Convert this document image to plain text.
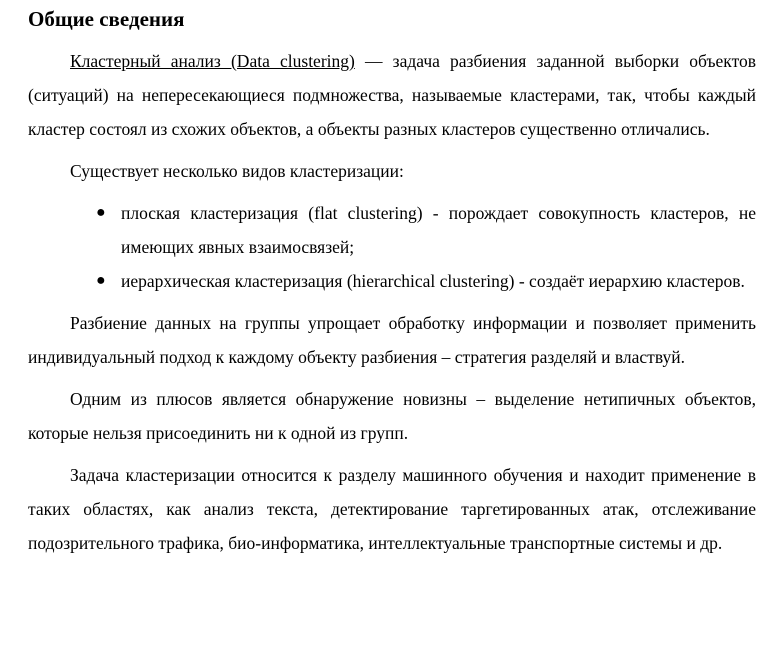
Общие сведения

Кластерный анализ (Data clustering) — задача разбиения заданной выборки объектов (ситуаций) на непересекающиеся подмножества, называемые кластерами, так, чтобы каждый кластер состоял из схожих объектов, а объекты разных кластеров существенно отличались.

Существует несколько видов кластеризации:

● плоская кластеризация (flat clustering) - порождает совокупность кластеров, не имеющих явных взаимосвязей;
● иерархическая кластеризация (hierarchical clustering) - создаёт иерархию кластеров.

Разбиение данных на группы упрощает обработку информации и позволяет применить индивидуальный подход к каждому объекту разбиения – стратегия разделяй и властвуй.

Одним из плюсов является обнаружение новизны – выделение нетипичных объектов, которые нельзя присоединить ни к одной из групп.

Задача кластеризации относится к разделу машинного обучения и находит применение в таких областях, как анализ текста, детектирование таргетированных атак, отслеживание подозрительного трафика, био-информатика, интеллектуальные транспортные системы и др.
